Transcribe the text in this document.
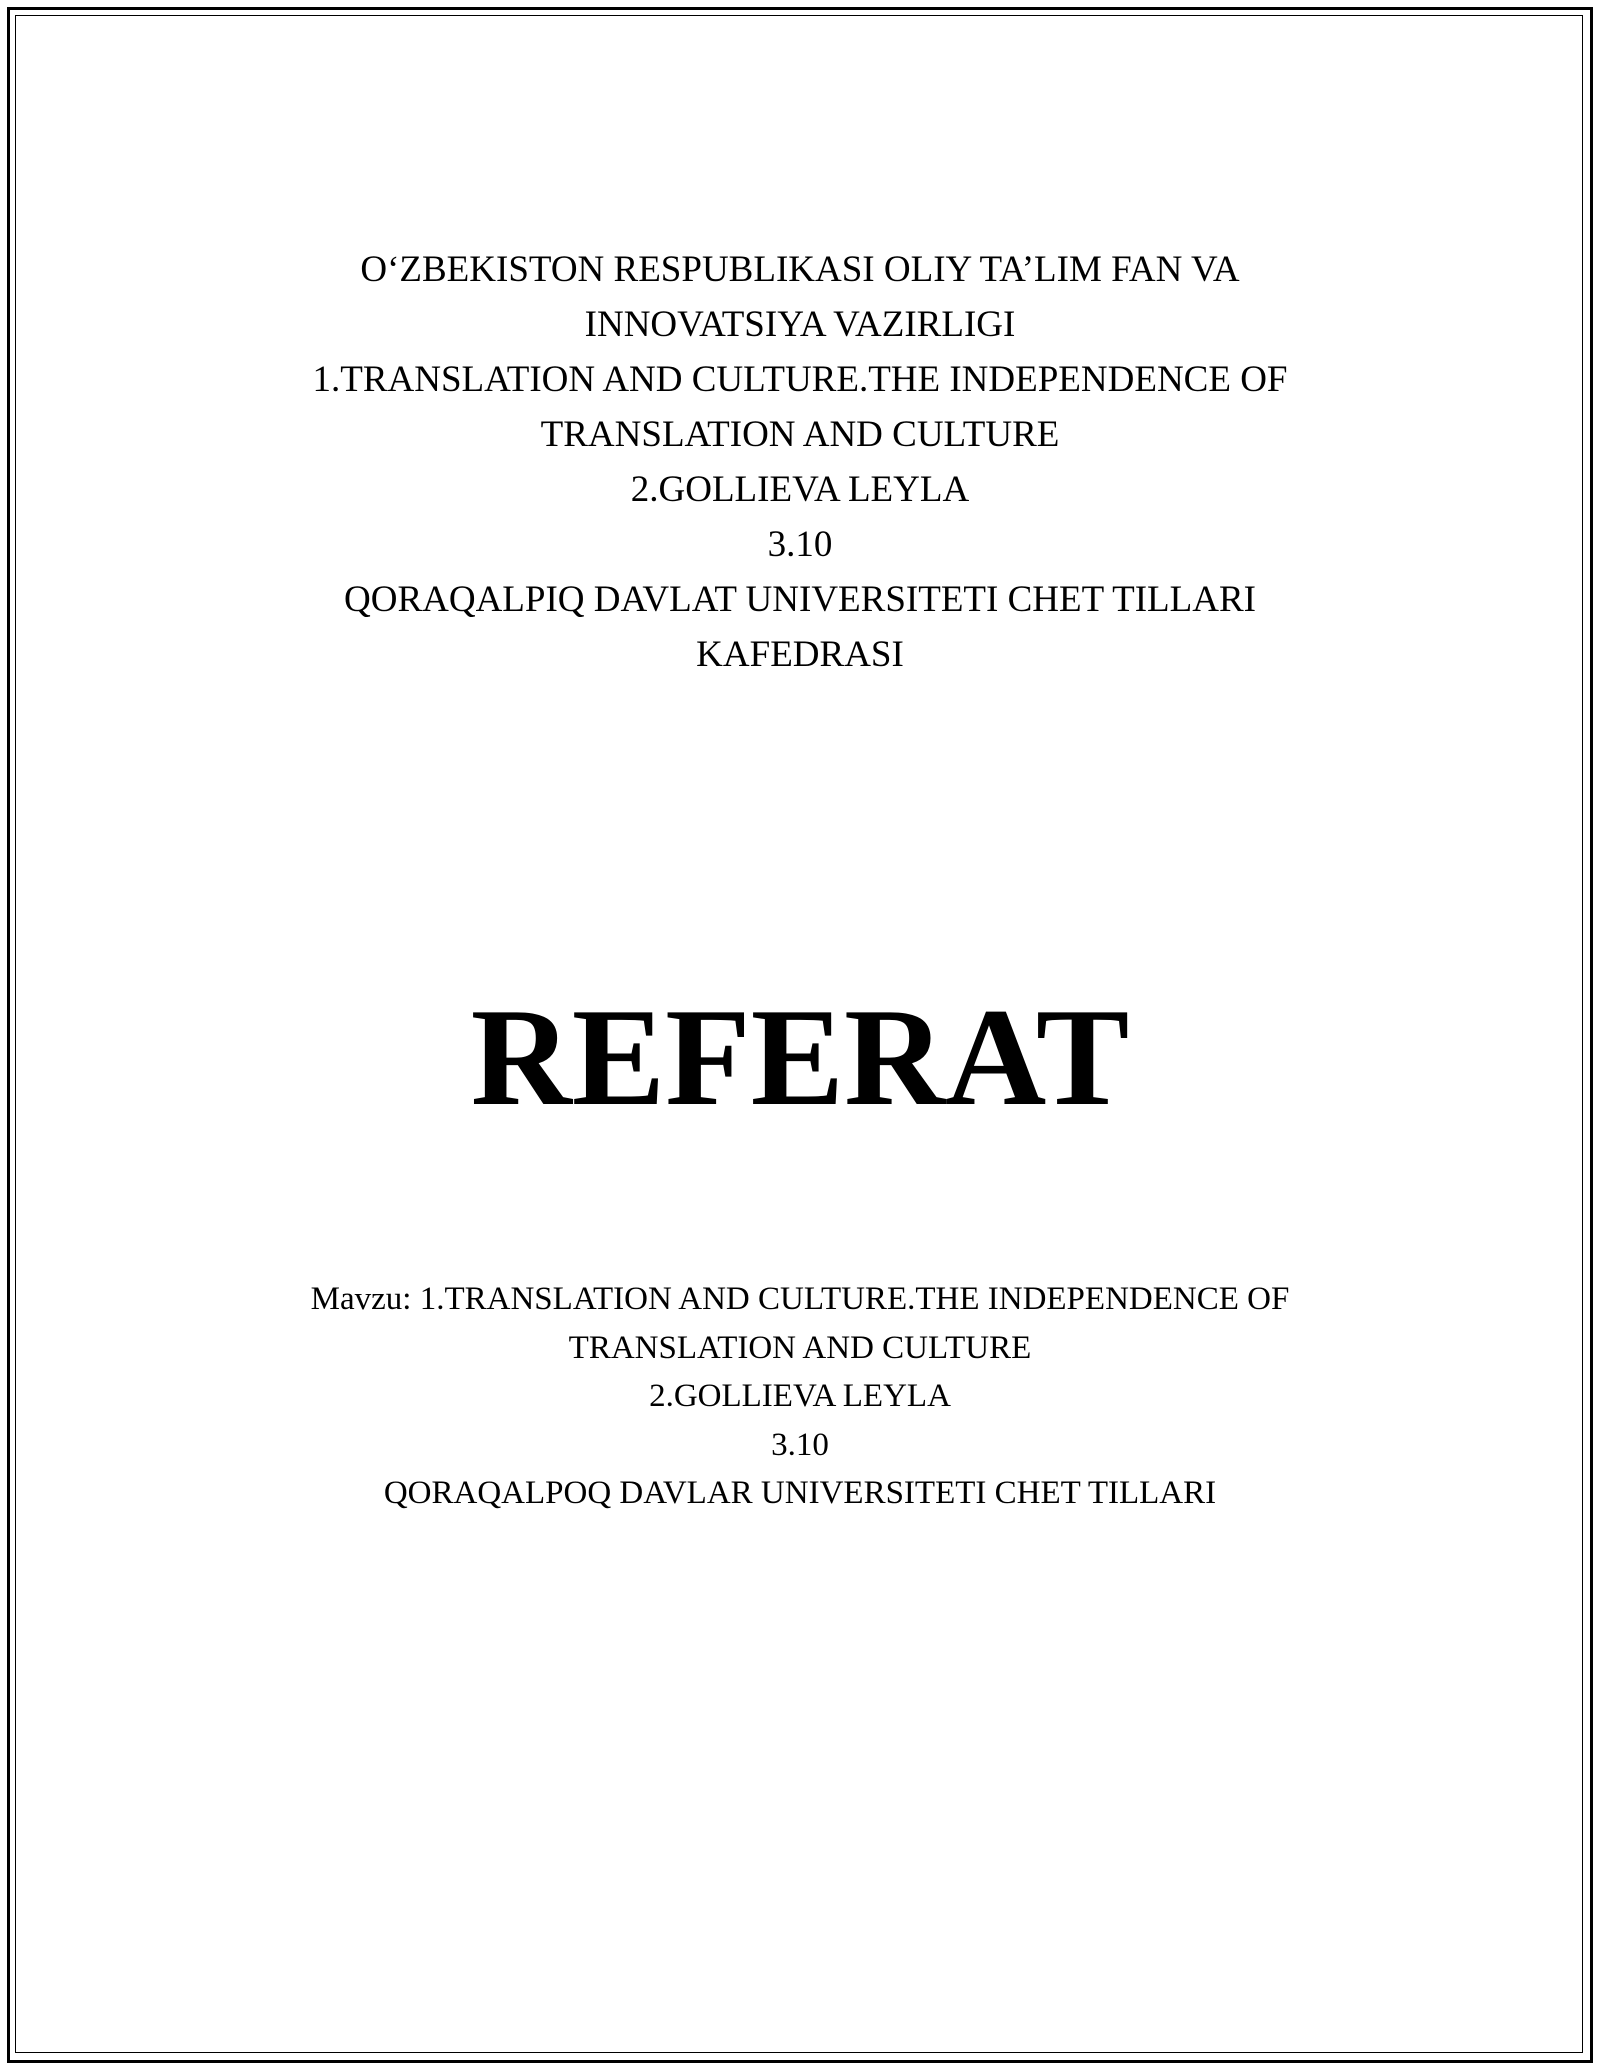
O‘ZBEKISTON RESPUBLIKASI OLIY TA’LIM FAN VA
INNOVATSIYA VAZIRLIGI
1.TRANSLATION AND CULTURE.THE INDEPENDENCE OF
TRANSLATION AND CULTURE
2.GOLLIEVA LEYLA
3.10
QORAQALPIQ DAVLAT UNIVERSITETI CHET TILLARI
KAFEDRASI
REFERAT
Mavzu: 1.TRANSLATION AND CULTURE.THE INDEPENDENCE OF
TRANSLATION AND CULTURE
2.GOLLIEVA LEYLA
3.10
QORAQALPOQ DAVLAR UNIVERSITETI CHET TILLARI
